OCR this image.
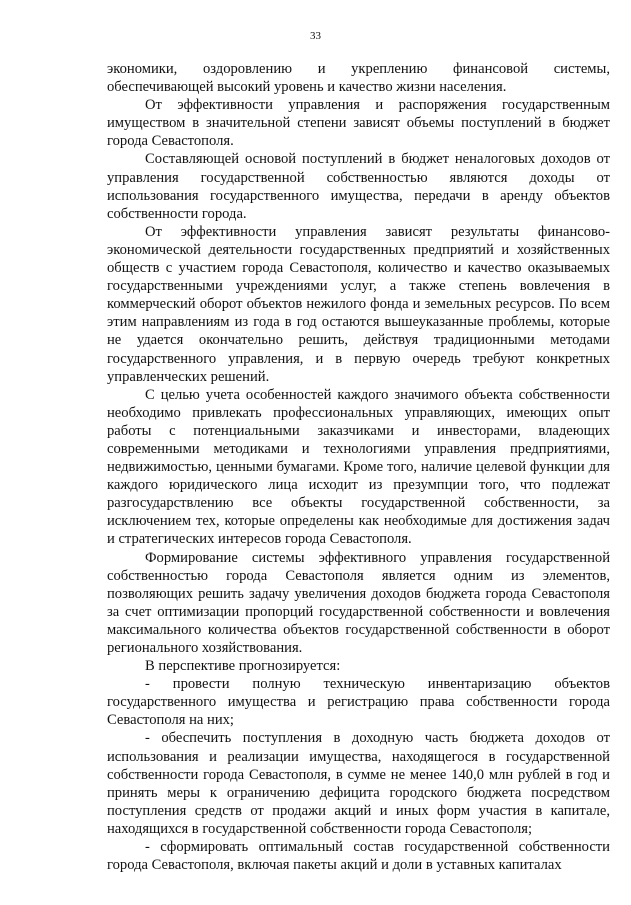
33

экономики, оздоровлению и укреплению финансовой системы, обеспечивающей высокий уровень и качество жизни населения.

От эффективности управления и распоряжения государственным имуществом в значительной степени зависят объемы поступлений в бюджет города Севастополя.

Составляющей основой поступлений в бюджет неналоговых доходов от управления государственной собственностью являются доходы от использования государственного имущества, передачи в аренду объектов собственности города.

От эффективности управления зависят результаты финансово-экономической деятельности государственных предприятий и хозяйственных обществ с участием города Севастополя, количество и качество оказываемых государственными учреждениями услуг, а также степень вовлечения в коммерческий оборот объектов нежилого фонда и земельных ресурсов. По всем этим направлениям из года в год остаются вышеуказанные проблемы, которые не удается окончательно решить, действуя традиционными методами государственного управления, и в первую очередь требуют конкретных управленческих решений.

С целью учета особенностей каждого значимого объекта собственности необходимо привлекать профессиональных управляющих, имеющих опыт работы с потенциальными заказчиками и инвесторами, владеющих современными методиками и технологиями управления предприятиями, недвижимостью, ценными бумагами. Кроме того, наличие целевой функции для каждого юридического лица исходит из презумпции того, что подлежат разгосударствлению все объекты государственной собственности, за исключением тех, которые определены как необходимые для достижения задач и стратегических интересов города Севастополя.

Формирование системы эффективного управления государственной собственностью города Севастополя является одним из элементов, позволяющих решить задачу увеличения доходов бюджета города Севастополя за счет оптимизации пропорций государственной собственности и вовлечения максимального количества объектов государственной собственности в оборот регионального хозяйствования.

В перспективе прогнозируется:

- провести полную техническую инвентаризацию объектов государственного имущества и регистрацию права собственности города Севастополя на них;

- обеспечить поступления в доходную часть бюджета доходов от использования и реализации имущества, находящегося в государственной собственности города Севастополя, в сумме не менее 140,0 млн рублей в год и принять меры к ограничению дефицита городского бюджета посредством поступления средств от продажи акций и иных форм участия в капитале, находящихся в государственной собственности города Севастополя;

- сформировать оптимальный состав государственной собственности города Севастополя, включая пакеты акций и доли в уставных капиталах
